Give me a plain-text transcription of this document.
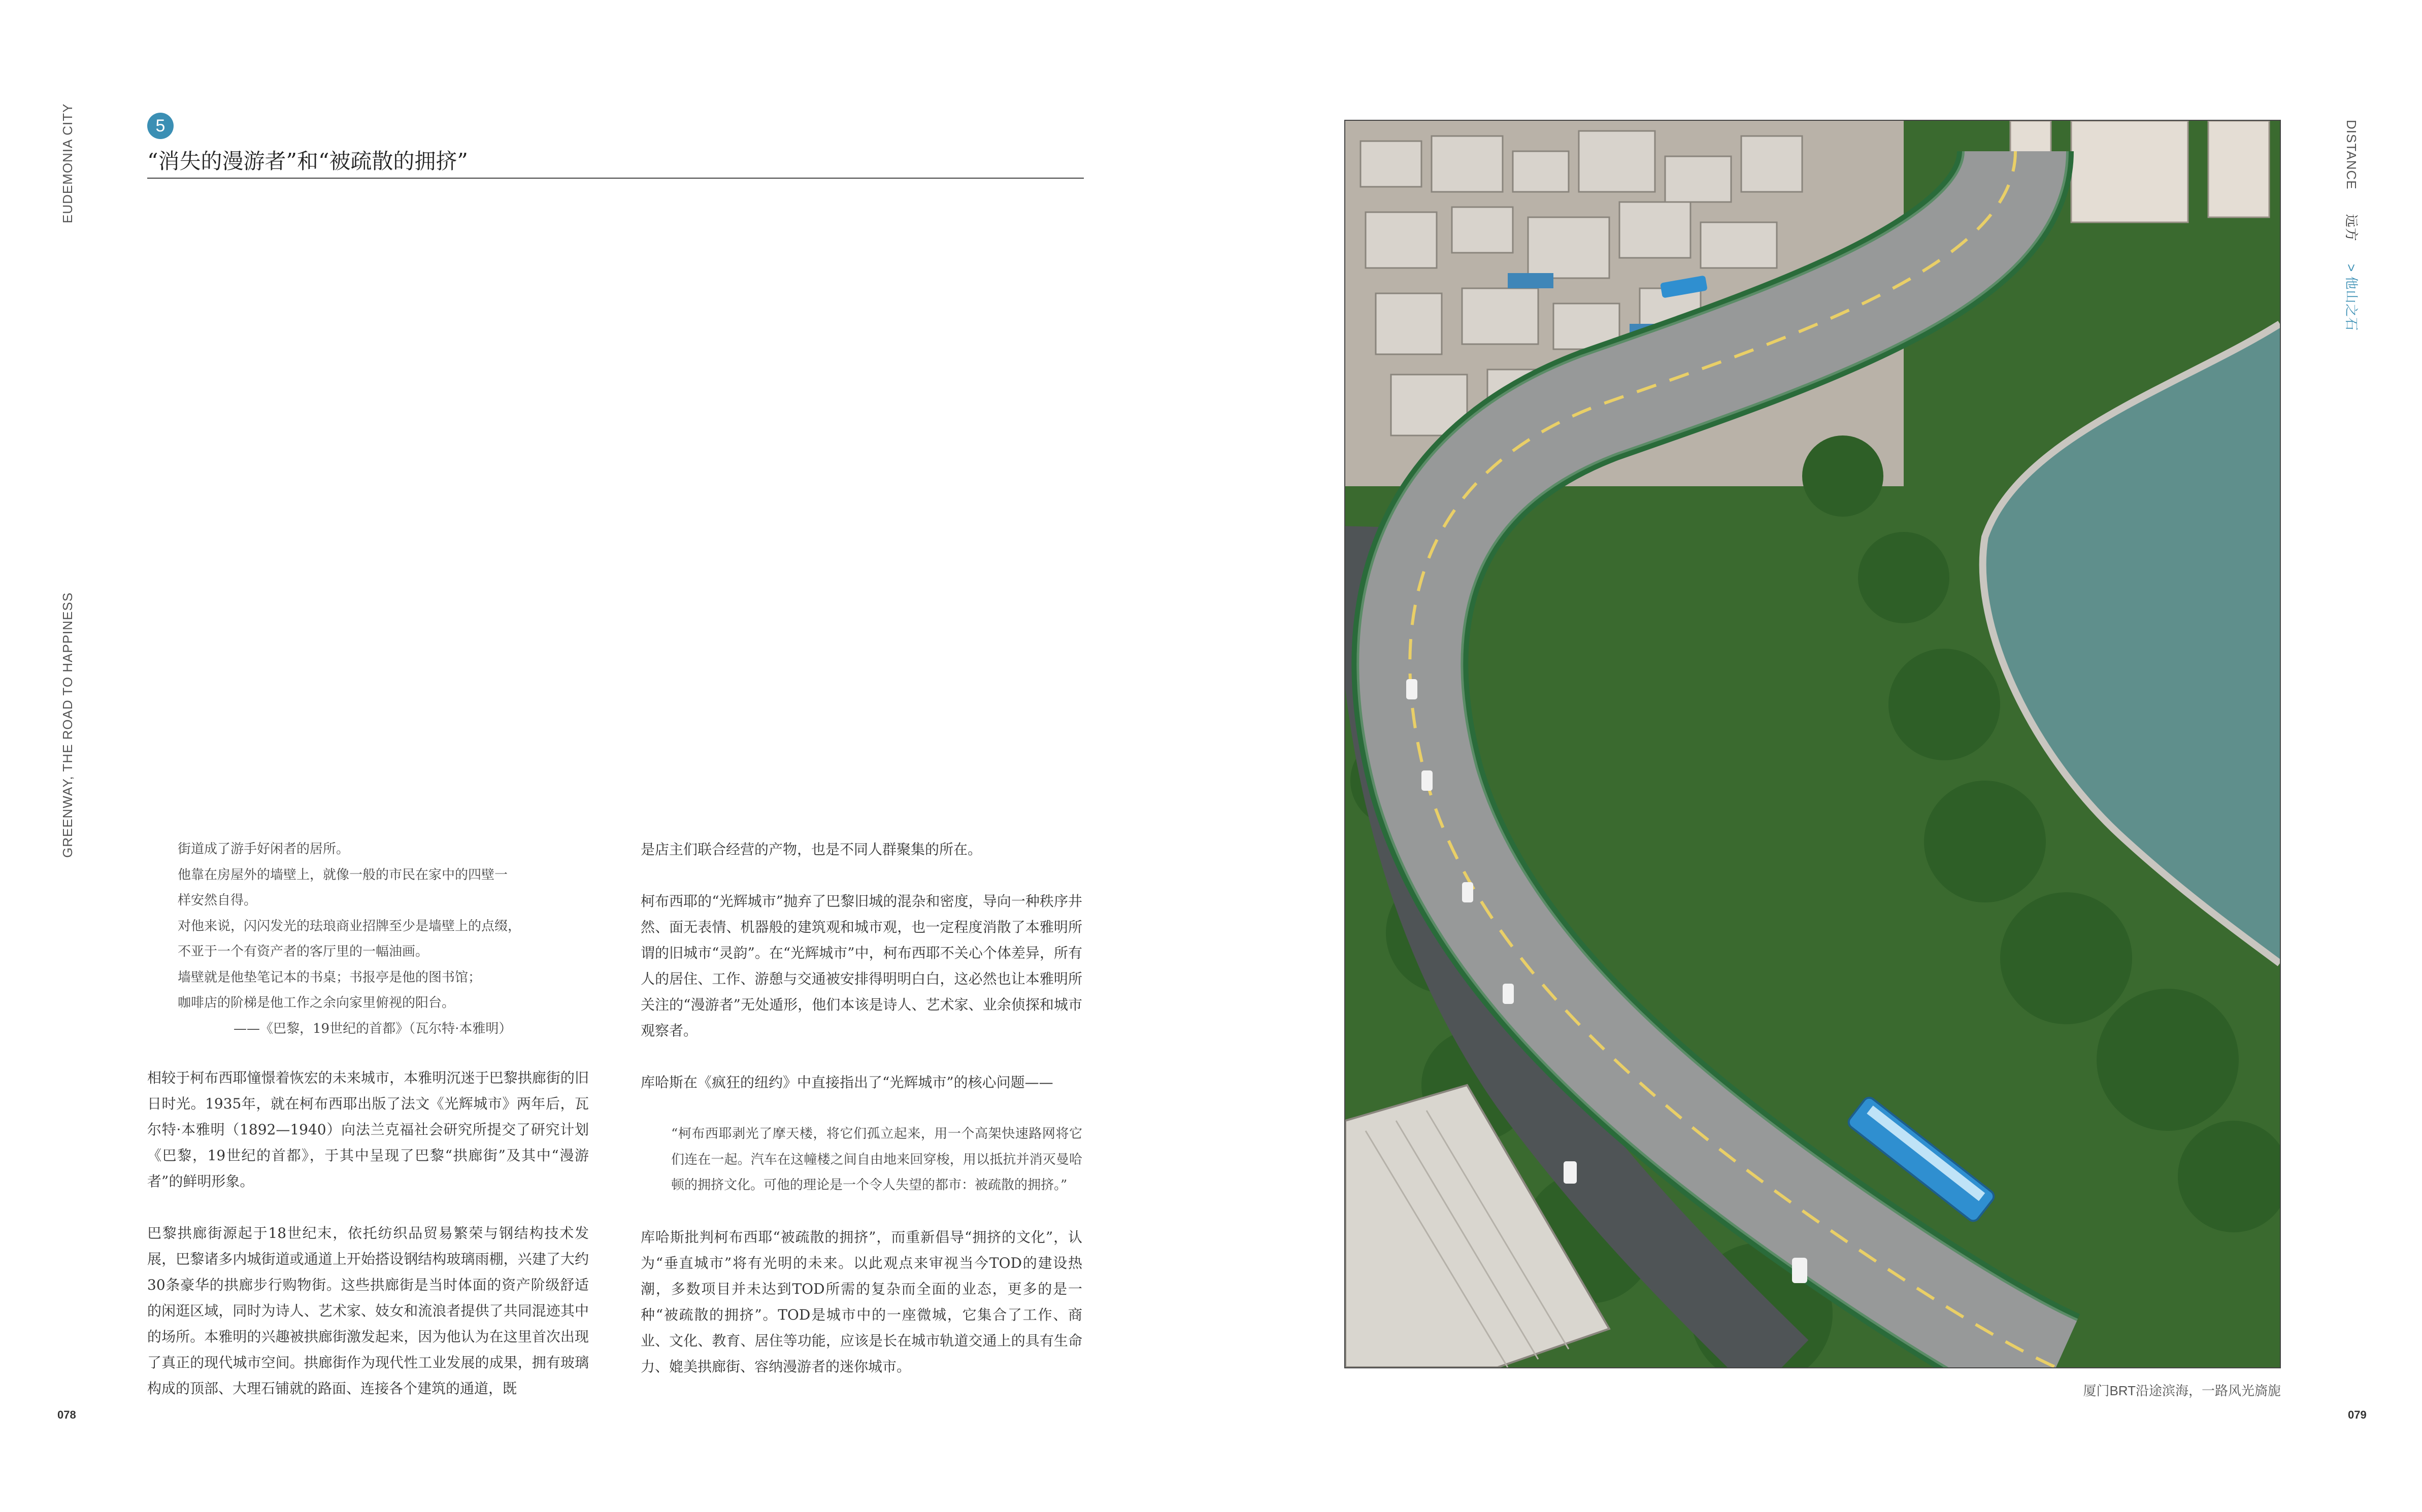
EUDEMONIA CITY
GREENWAY, THE ROAD TO HAPPINESS
5
“消失的漫游者”和“被疏散的拥挤”

街道成了游手好闲者的居所。

他靠在房屋外的墙壁上，就像一般的市民在家中的四壁一

样安然自得。

对他来说，闪闪发光的珐琅商业招牌至少是墙壁上的点缀，

不亚于一个有资产者的客厅里的一幅油画。

墙壁就是他垫笔记本的书桌；书报亭是他的图书馆；

咖啡店的阶梯是他工作之余向家里俯视的阳台。

——《巴黎，19世纪的首都》（瓦尔特·本雅明）

相较于柯布西耶憧憬着恢宏的未来城市，本雅明沉迷于巴黎拱廊街的旧日时光。1935年，就在柯布西耶出版了法文《光辉城市》两年后，瓦尔特·本雅明（1892—1940）向法兰克福社会研究所提交了研究计划《巴黎，19世纪的首都》，于其中呈现了巴黎“拱廊街”及其中“漫游者”的鲜明形象。

巴黎拱廊街源起于18世纪末，依托纺织品贸易繁荣与钢结构技术发展，巴黎诸多内城街道或通道上开始搭设钢结构玻璃雨棚，兴建了大约30条豪华的拱廊步行购物街。这些拱廊街是当时体面的资产阶级舒适的闲逛区域，同时为诗人、艺术家、妓女和流浪者提供了共同混迹其中的场所。本雅明的兴趣被拱廊街激发起来，因为他认为在这里首次出现了真正的现代城市空间。拱廊街作为现代性工业发展的成果，拥有玻璃构成的顶部、大理石铺就的路面、连接各个建筑的通道，既

是店主们联合经营的产物，也是不同人群聚集的所在。

柯布西耶的“光辉城市”抛弃了巴黎旧城的混杂和密度，导向一种秩序井然、面无表情、机器般的建筑观和城市观，也一定程度消散了本雅明所谓的旧城市“灵韵”。在“光辉城市”中，柯布西耶不关心个体差异，所有人的居住、工作、游憩与交通被安排得明明白白，这必然也让本雅明所关注的“漫游者”无处遁形，他们本该是诗人、艺术家、业余侦探和城市观察者。

库哈斯在《疯狂的纽约》中直接指出了“光辉城市”的核心问题——

“柯布西耶剥光了摩天楼，将它们孤立起来，用一个高架快速路网将它们连在一起。汽车在这幢楼之间自由地来回穿梭，用以抵抗并消灭曼哈顿的拥挤文化。可他的理论是一个令人失望的都市：被疏散的拥挤。”

库哈斯批判柯布西耶“被疏散的拥挤”，而重新倡导“拥挤的文化”，认为“垂直城市”将有光明的未来。以此观点来审视当今TOD的建设热潮，多数项目并未达到TOD所需的复杂而全面的业态，更多的是一种“被疏散的拥挤”。TOD是城市中的一座微城，它集合了工作、商业、文化、教育、居住等功能，应该是长在城市轨道交通上的具有生命力、媲美拱廊街、容纳漫游者的迷你城市。

078
厦门BRT沿途滨海，一路风光旖旎
DISTANCE 远方 > 他山之石
079
